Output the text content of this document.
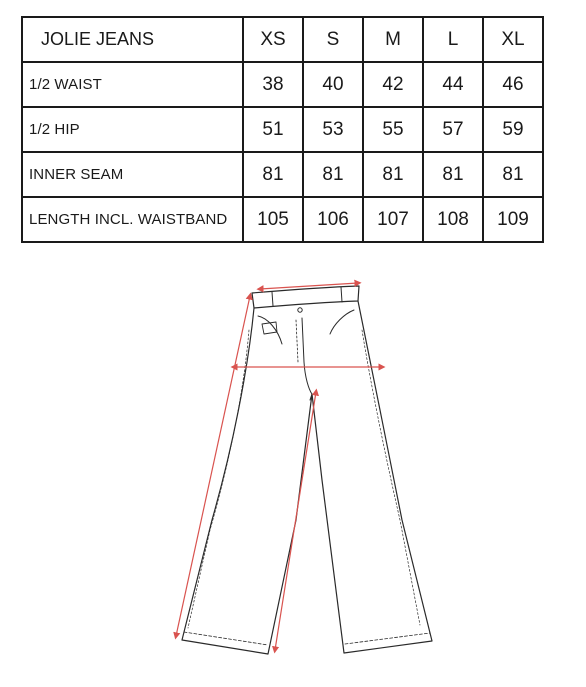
JOLIE JEANS	XS	S	M	L	XL
1/2 WAIST	38	40	42	44	46
1/2 HIP	51	53	55	57	59
INNER SEAM	81	81	81	81	81
LENGTH INCL. WAISTBAND	105	106	107	108	109
